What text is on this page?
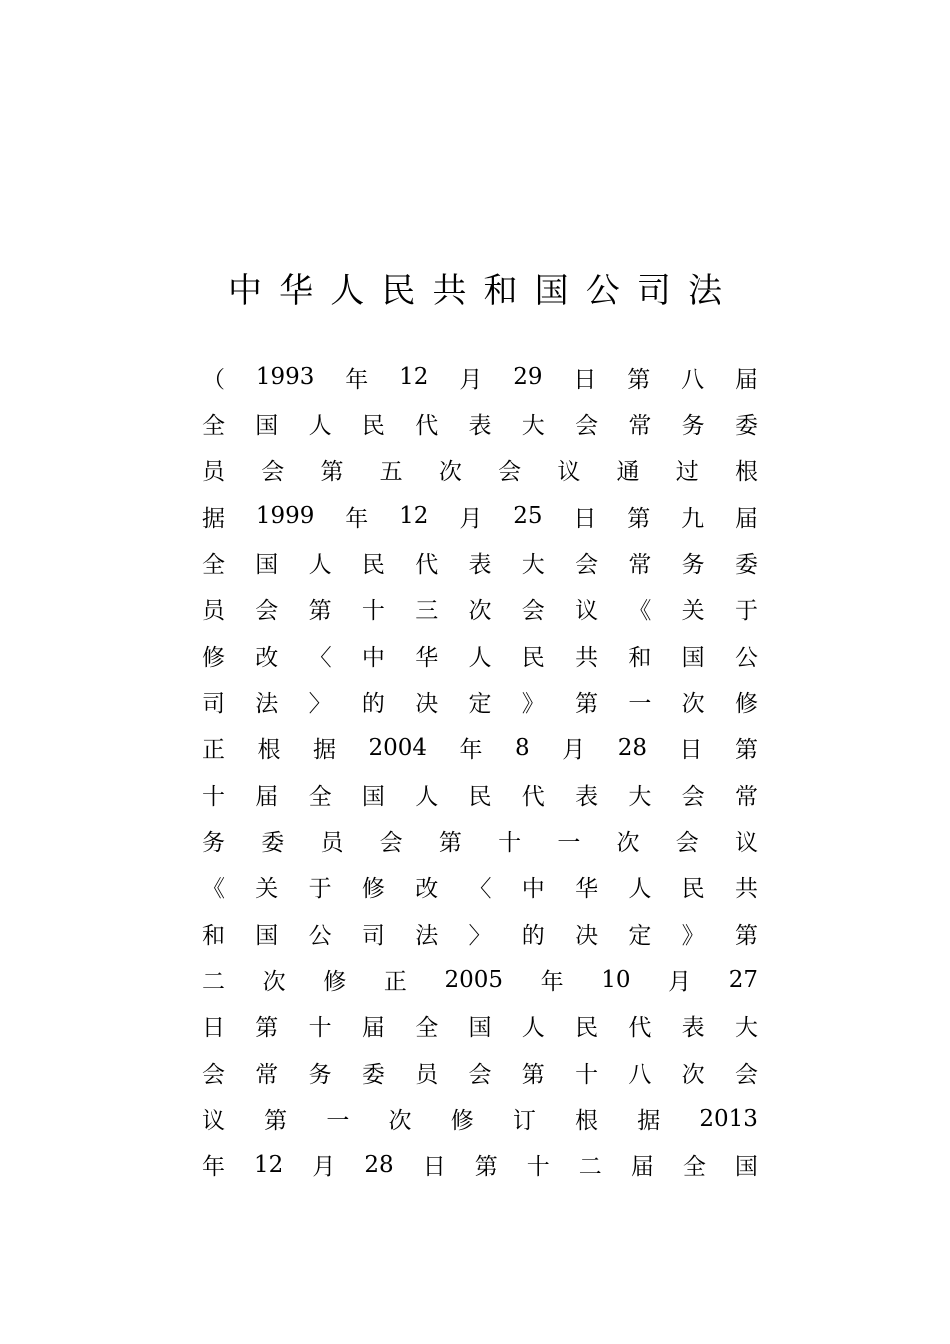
中 华 人 民 共 和 国 公 司 法
（ 1993 年 12 月 29 日 第 八 届
全 国 人 民 代 表 大 会 常 务 委
员 会 第 五 次 会 议 通 过 根
据 1999 年 12 月 25 日 第 九 届
全 国 人 民 代 表 大 会 常 务 委
员 会 第 十 三 次 会 议 《 关 于
修 改 〈 中 华 人 民 共 和 国 公
司 法 〉 的 决 定 》 第 一 次 修
正 根 据 2004 年 8 月 28 日 第
十 届 全 国 人 民 代 表 大 会 常
务 委 员 会 第 十 一 次 会 议
《 关 于 修 改 〈 中 华 人 民 共
和 国 公 司 法 〉 的 决 定 》 第
二 次 修 正 2005 年 10 月 27
日 第 十 届 全 国 人 民 代 表 大
会 常 务 委 员 会 第 十 八 次 会
议 第 一 次 修 订 根 据 2013
年 12 月 28 日 第 十 二 届 全 国
